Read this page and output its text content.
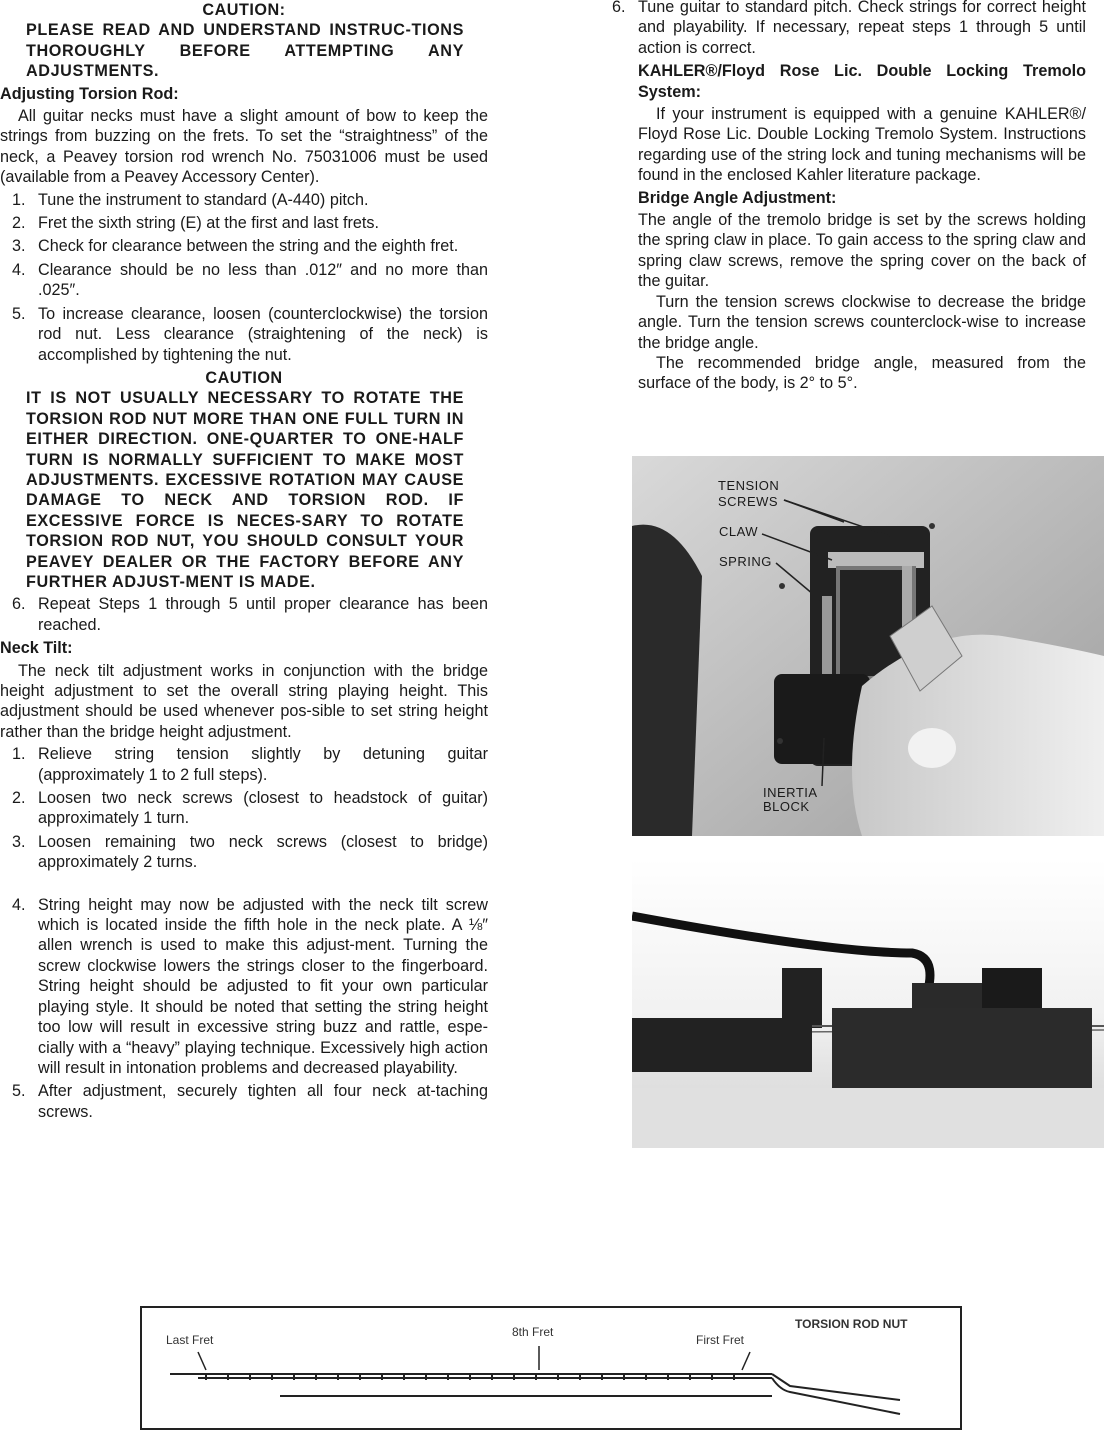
CAUTION:

PLEASE READ AND UNDERSTAND INSTRUC-TIONS THOROUGHLY BEFORE ATTEMPTING ANY ADJUSTMENTS.

Adjusting Torsion Rod:

All guitar necks must have a slight amount of bow to keep the strings from buzzing on the frets. To set the “straightness” of the neck, a Peavey torsion rod wrench No. 75031006 must be used (available from a Peavey Accessory Center).

1. Tune the instrument to standard (A-440) pitch.
2. Fret the sixth string (E) at the first and last frets.
3. Check for clearance between the string and the eighth fret.
4. Clearance should be no less than .012″ and no more than .025″.
5. To increase clearance, loosen (counterclockwise) the torsion rod nut. Less clearance (straightening of the neck) is accomplished by tightening the nut.

CAUTION

IT IS NOT USUALLY NECESSARY TO ROTATE THE TORSION ROD NUT MORE THAN ONE FULL TURN IN EITHER DIRECTION. ONE-QUARTER TO ONE-HALF TURN IS NORMALLY SUFFICIENT TO MAKE MOST ADJUSTMENTS. EXCESSIVE ROTATION MAY CAUSE DAMAGE TO NECK AND TORSION ROD. IF EXCESSIVE FORCE IS NECES-SARY TO ROTATE TORSION ROD NUT, YOU SHOULD CONSULT YOUR PEAVEY DEALER OR THE FACTORY BEFORE ANY FURTHER ADJUST-MENT IS MADE.

6. Repeat Steps 1 through 5 until proper clearance has been reached.

Neck Tilt:

The neck tilt adjustment works in conjunction with the bridge height adjustment to set the overall string playing height. This adjustment should be used whenever pos-sible to set string height rather than the bridge height adjustment.

1. Relieve string tension slightly by detuning guitar (approximately 1 to 2 full steps).
2. Loosen two neck screws (closest to headstock of guitar) approximately 1 turn.
3. Loosen remaining two neck screws (closest to bridge) approximately 2 turns.
4. String height may now be adjusted with the neck tilt screw which is located inside the fifth hole in the neck plate. A ⅛″ allen wrench is used to make this adjust-ment. Turning the screw clockwise lowers the strings closer to the fingerboard. String height should be adjusted to fit your own particular playing style. It should be noted that setting the string height too low will result in excessive string buzz and rattle, espe-cially with a “heavy” playing technique. Excessively high action will result in intonation problems and decreased playability.
5. After adjustment, securely tighten all four neck at-taching screws.
6. Tune guitar to standard pitch. Check strings for correct height and playability. If necessary, repeat steps 1 through 5 until action is correct.

KAHLER®/Floyd Rose Lic. Double Locking Tremolo System:

If your instrument is equipped with a genuine KAHLER®/ Floyd Rose Lic. Double Locking Tremolo System. Instructions regarding use of the string lock and tuning mechanisms will be found in the enclosed Kahler literature package.

Bridge Angle Adjustment:

The angle of the tremolo bridge is set by the screws holding the spring claw in place. To gain access to the spring claw and spring claw screws, remove the spring cover on the back of the guitar.

Turn the tension screws clockwise to decrease the bridge angle. Turn the tension screws counterclock-wise to increase the bridge angle.

The recommended bridge angle, measured from the surface of the body, is 2° to 5°.

TENSION
SCREWS
CLAW
SPRING
INERTIA
BLOCK
Last Fret
8th Fret
First Fret
TORSION ROD NUT
